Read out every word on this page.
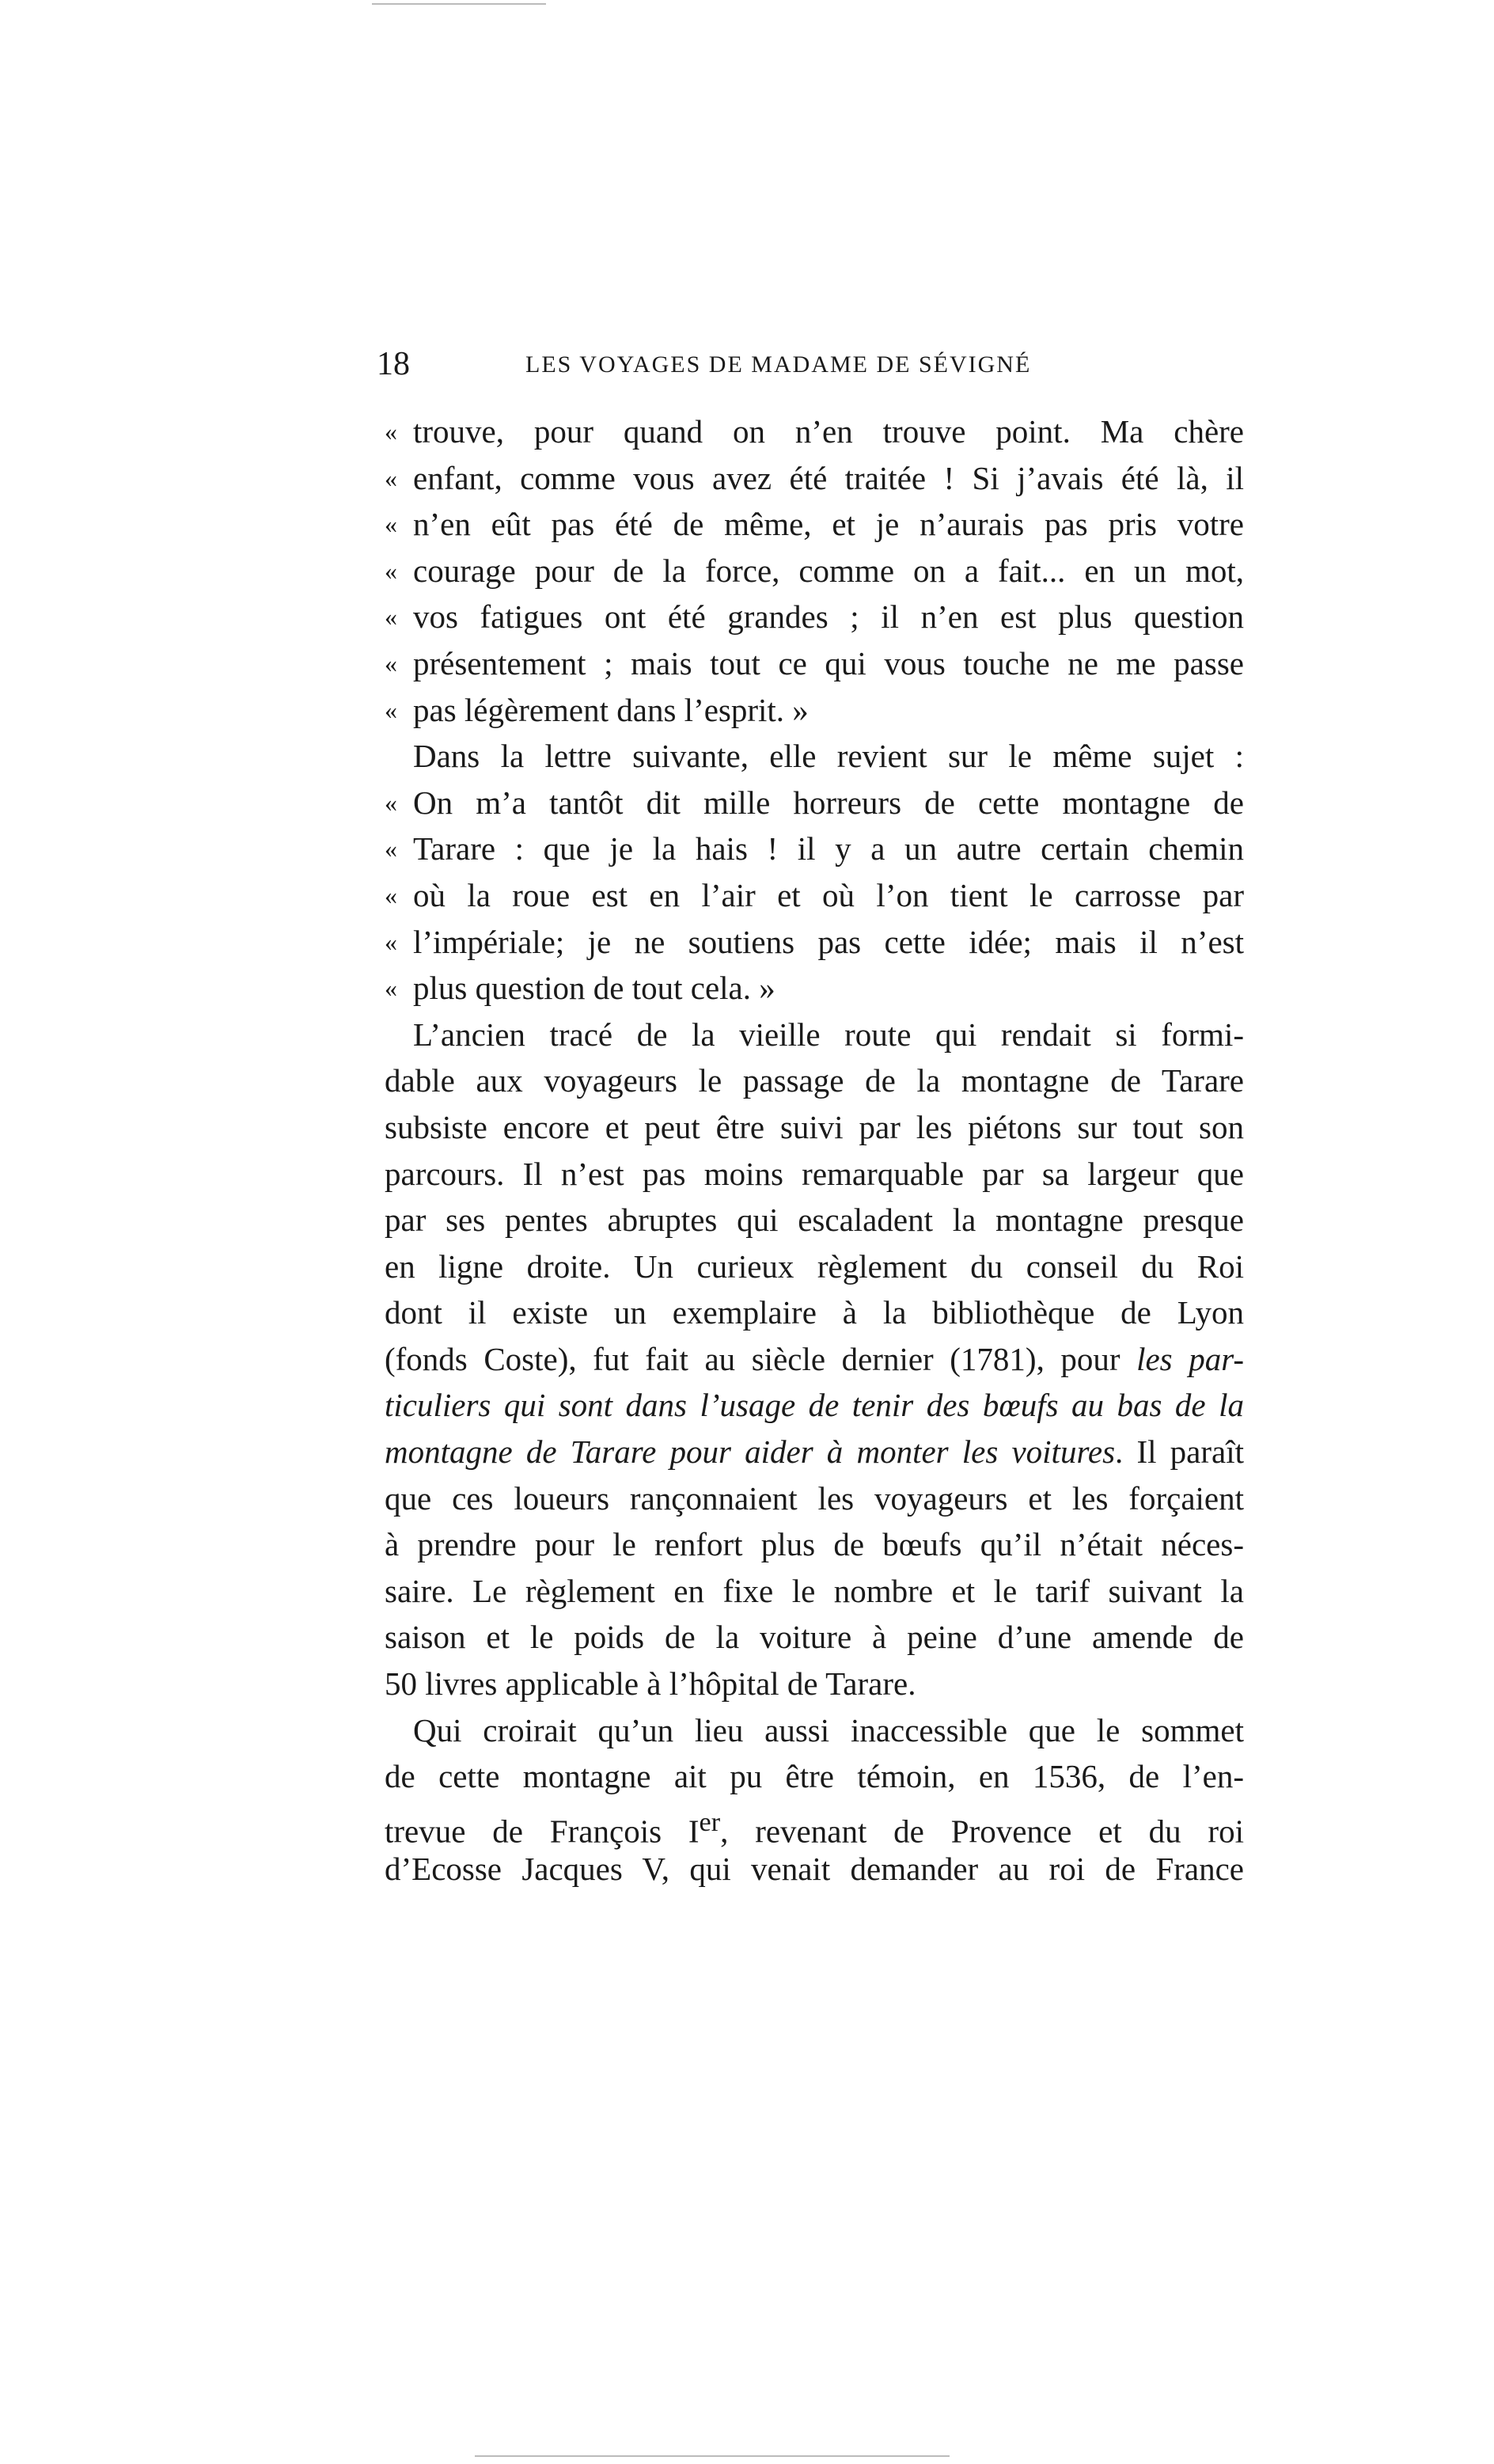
18	LES VOYAGES DE MADAME DE SÉVIGNÉ
« trouve, pour quand on n’en trouve point. Ma chère
« enfant, comme vous avez été traitée ! Si j’avais été là, il
« n’en eût pas été de même, et je n’aurais pas pris votre
« courage pour de la force, comme on a fait... en un mot,
« vos fatigues ont été grandes ; il n’en est plus question
« présentement ; mais tout ce qui vous touche ne me passe
« pas légèrement dans l’esprit. »
Dans la lettre suivante, elle revient sur le même sujet :
« On m’a tantôt dit mille horreurs de cette montagne de
« Tarare : que je la hais ! il y a un autre certain chemin
« où la roue est en l’air et où l’on tient le carrosse par
« l’impériale; je ne soutiens pas cette idée; mais il n’est
« plus question de tout cela. »
L’ancien tracé de la vieille route qui rendait si formi-
dable aux voyageurs le passage de la montagne de Tarare
subsiste encore et peut être suivi par les piétons sur tout son
parcours. Il n’est pas moins remarquable par sa largeur que
par ses pentes abruptes qui escaladent la montagne presque
en ligne droite. Un curieux règlement du conseil du Roi
dont il existe un exemplaire à la bibliothèque de Lyon
(fonds Coste), fut fait au siècle dernier (1781), pour les par-
ticuliers qui sont dans l’usage de tenir des bœufs au bas de la
montagne de Tarare pour aider à monter les voitures. Il paraît
que ces loueurs rançonnaient les voyageurs et les forçaient
à prendre pour le renfort plus de bœufs qu’il n’était néces-
saire. Le règlement en fixe le nombre et le tarif suivant la
saison et le poids de la voiture à peine d’une amende de
50 livres applicable à l’hôpital de Tarare.
Qui croirait qu’un lieu aussi inaccessible que le sommet
de cette montagne ait pu être témoin, en 1536, de l’en-
trevue de François Ier, revenant de Provence et du roi
d’Ecosse Jacques V, qui venait demander au roi de France
